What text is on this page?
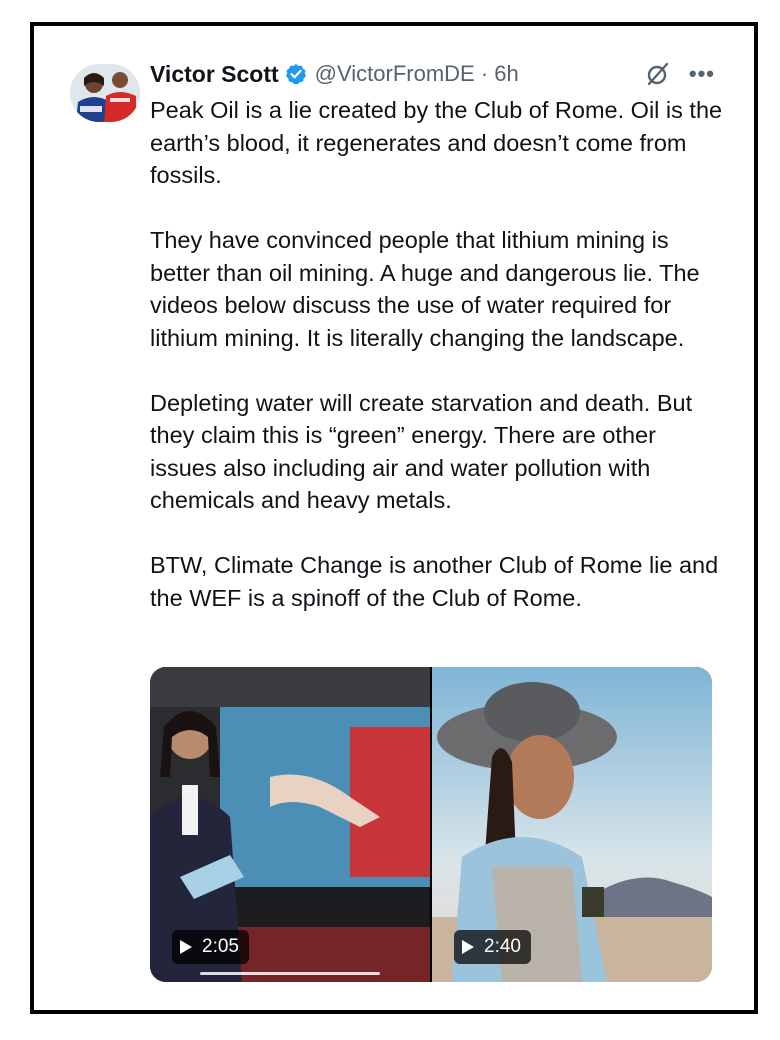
Victor Scott @VictorFromDE · 6h	•••

Peak Oil is a lie created by the Club of Rome. Oil is the earth’s blood, it regenerates and doesn’t come from fossils.

They have convinced people that lithium mining is better than oil mining. A huge and dangerous lie. The videos below discuss the use of water required for lithium mining. It is literally changing the landscape.

Depleting water will create starvation and death. But they claim this is “green” energy. There are other issues also including air and water pollution with chemicals and heavy metals.

BTW, Climate Change is another Club of Rome lie and the WEF is a spinoff of the Club of Rome.

2:05	2:40
